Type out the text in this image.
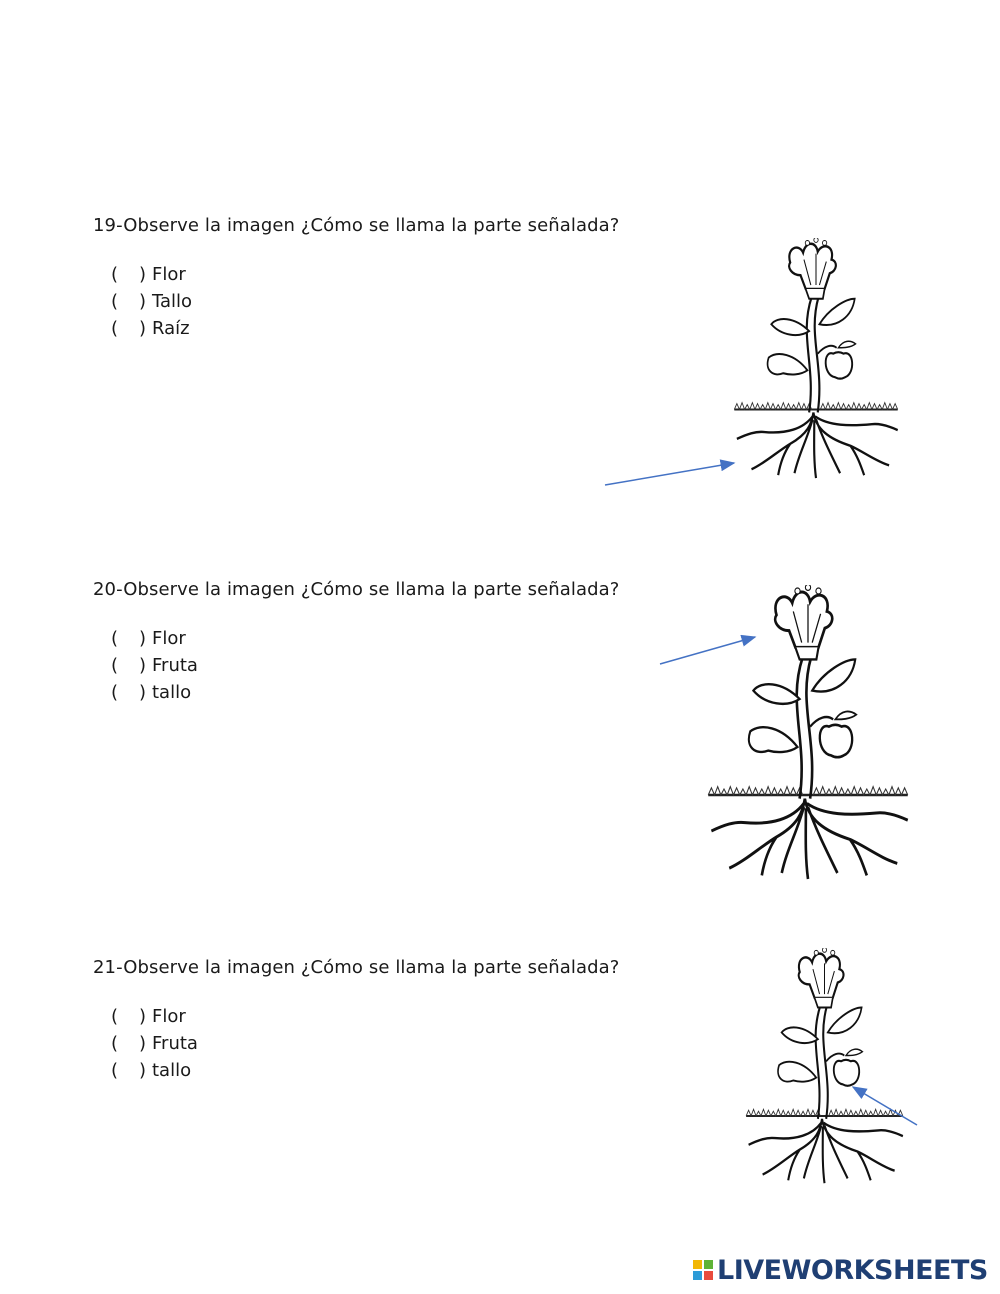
19-Observe la imagen ¿Cómo se llama la parte señalada?

( ) Flor
( ) Tallo
( ) Raíz

20-Observe la imagen ¿Cómo se llama la parte señalada?

( ) Flor
( ) Fruta
( ) tallo

21-Observe la imagen ¿Cómo se llama la parte señalada?

( ) Flor
( ) Fruta
( ) tallo
LIVEWORKSHEETS
